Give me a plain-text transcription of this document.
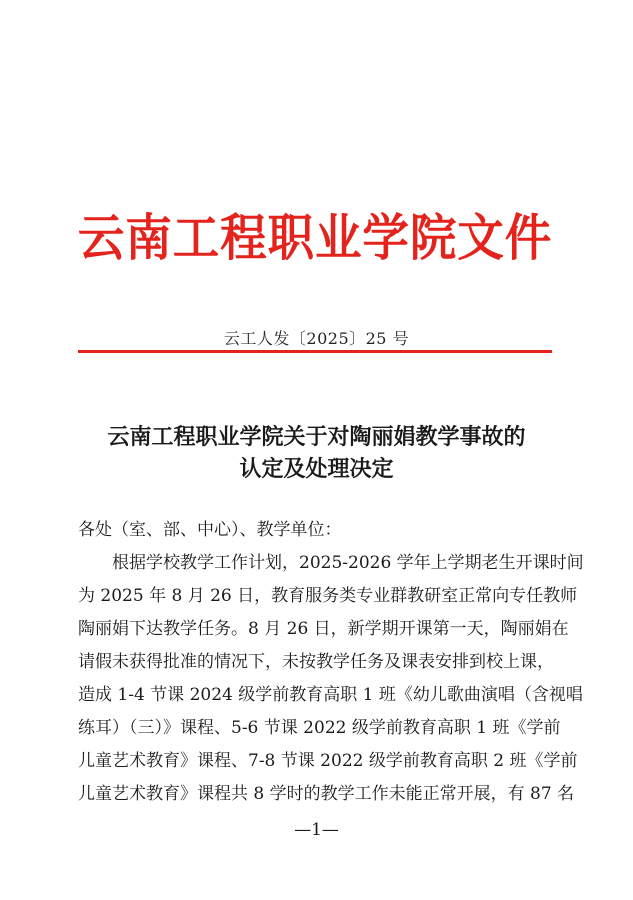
云南工程职业学院文件
云工人发〔2025〕25 号
云南工程职业学院关于对陶丽娟教学事故的
认定及处理决定
各处（室、部、中心）、教学单位：
根据学校教学工作计划，2025-2026 学年上学期老生开课时间
为 2025 年 8 月 26 日，教育服务类专业群教研室正常向专任教师
陶丽娟下达教学任务。8 月 26 日，新学期开课第一天，陶丽娟在
请假未获得批准的情况下，未按教学任务及课表安排到校上课，
造成 1-4 节课 2024 级学前教育高职 1 班《幼儿歌曲演唱（含视唱
练耳）（三）》课程、5-6 节课 2022 级学前教育高职 1 班《学前
儿童艺术教育》课程、7-8 节课 2022 级学前教育高职 2 班《学前
儿童艺术教育》课程共 8 学时的教学工作未能正常开展，有 87 名
—1—
